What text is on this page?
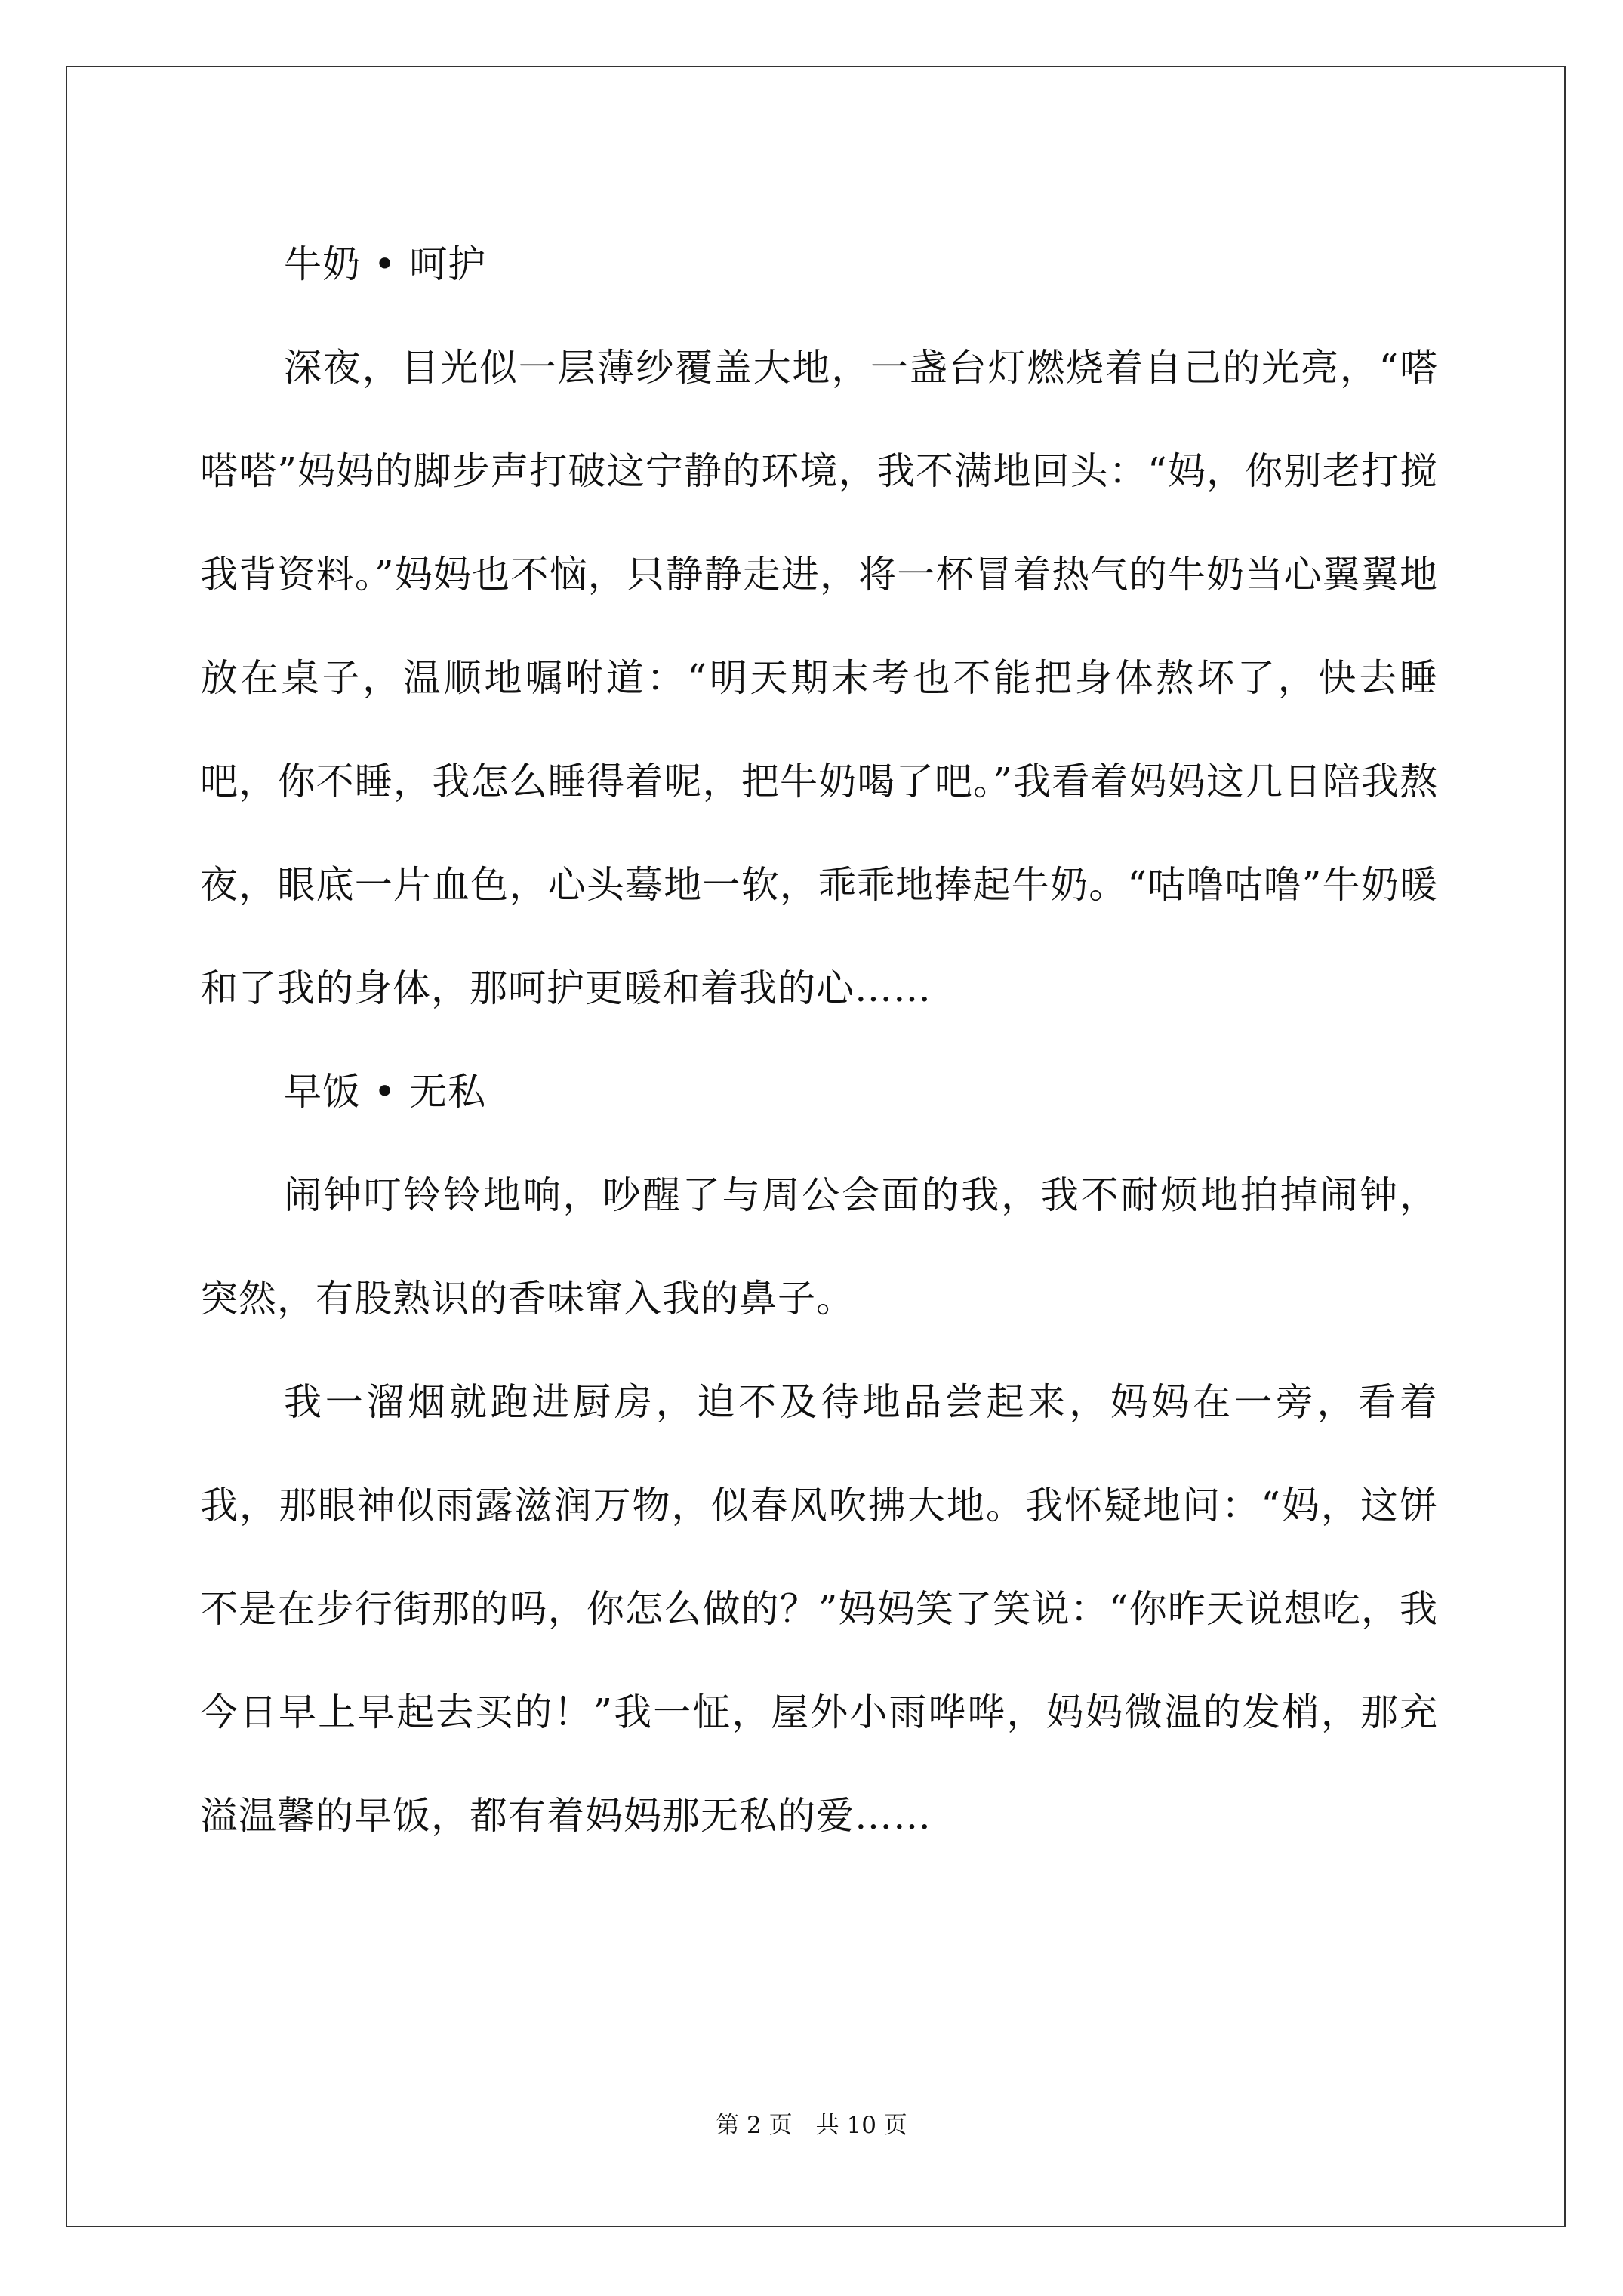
牛奶 • 呵护

深夜，目光似一层薄纱覆盖大地，一盏台灯燃烧着自己的光亮，“嗒嗒嗒”妈妈的脚步声打破这宁静的环境，我不满地回头：“妈，你别老打搅我背资料。”妈妈也不恼，只静静走进，将一杯冒着热气的牛奶当心翼翼地放在桌子，温顺地嘱咐道：“明天期末考也不能把身体熬坏了，快去睡吧，你不睡，我怎么睡得着呢，把牛奶喝了吧。”我看着妈妈这几日陪我熬夜，眼底一片血色，心头蓦地一软，乖乖地捧起牛奶。“咕噜咕噜”牛奶暖和了我的身体，那呵护更暖和着我的心……

早饭 • 无私

闹钟叮铃铃地响，吵醒了与周公会面的我，我不耐烦地拍掉闹钟，突然，有股熟识的香味窜入我的鼻子。

我一溜烟就跑进厨房，迫不及待地品尝起来，妈妈在一旁，看着我，那眼神似雨露滋润万物，似春风吹拂大地。我怀疑地问：“妈，这饼不是在步行街那的吗，你怎么做的？”妈妈笑了笑说：“你昨天说想吃，我今日早上早起去买的！”我一怔，屋外小雨哗哗，妈妈微温的发梢，那充溢温馨的早饭，都有着妈妈那无私的爱……

第 2 页　共 10 页
